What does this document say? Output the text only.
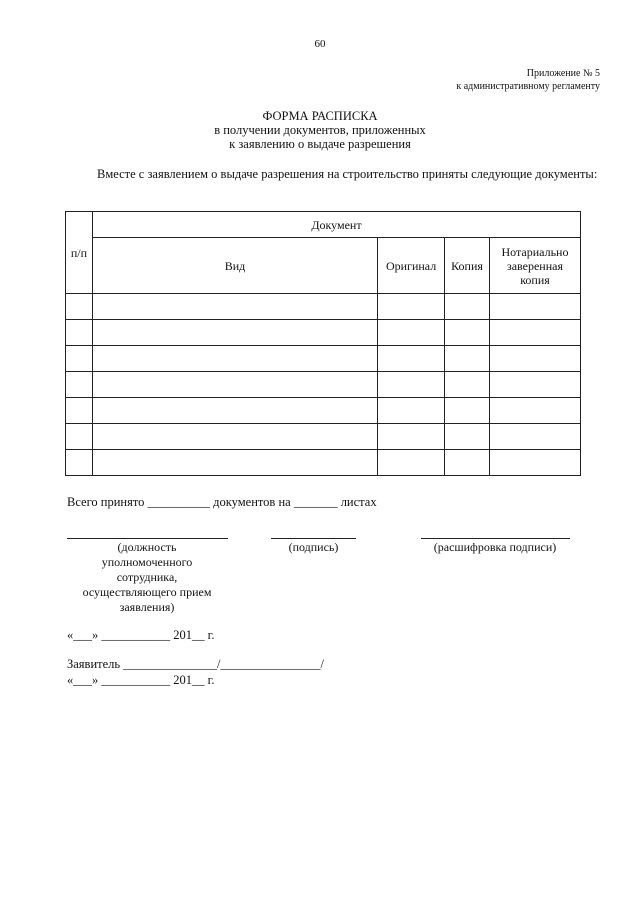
60
Приложение № 5
к административному регламенту
ФОРМА РАСПИСКА
в получении документов, приложенных
к заявлению о выдаче разрешения
Вместе с заявлением о выдаче разрешения на строительство приняты следующие документы:
п/п	Документ			
	Вид	Оригинал	Копия	Нотариально заверенная копия

Всего принято __________ документов на _______ листах
(должность уполномоченного сотрудника, осуществляющего прием заявления)
(подпись)	(расшифровка подписи)
«___» ___________ 201__ г.
Заявитель _______________/________________/
«___» ___________ 201__ г.
